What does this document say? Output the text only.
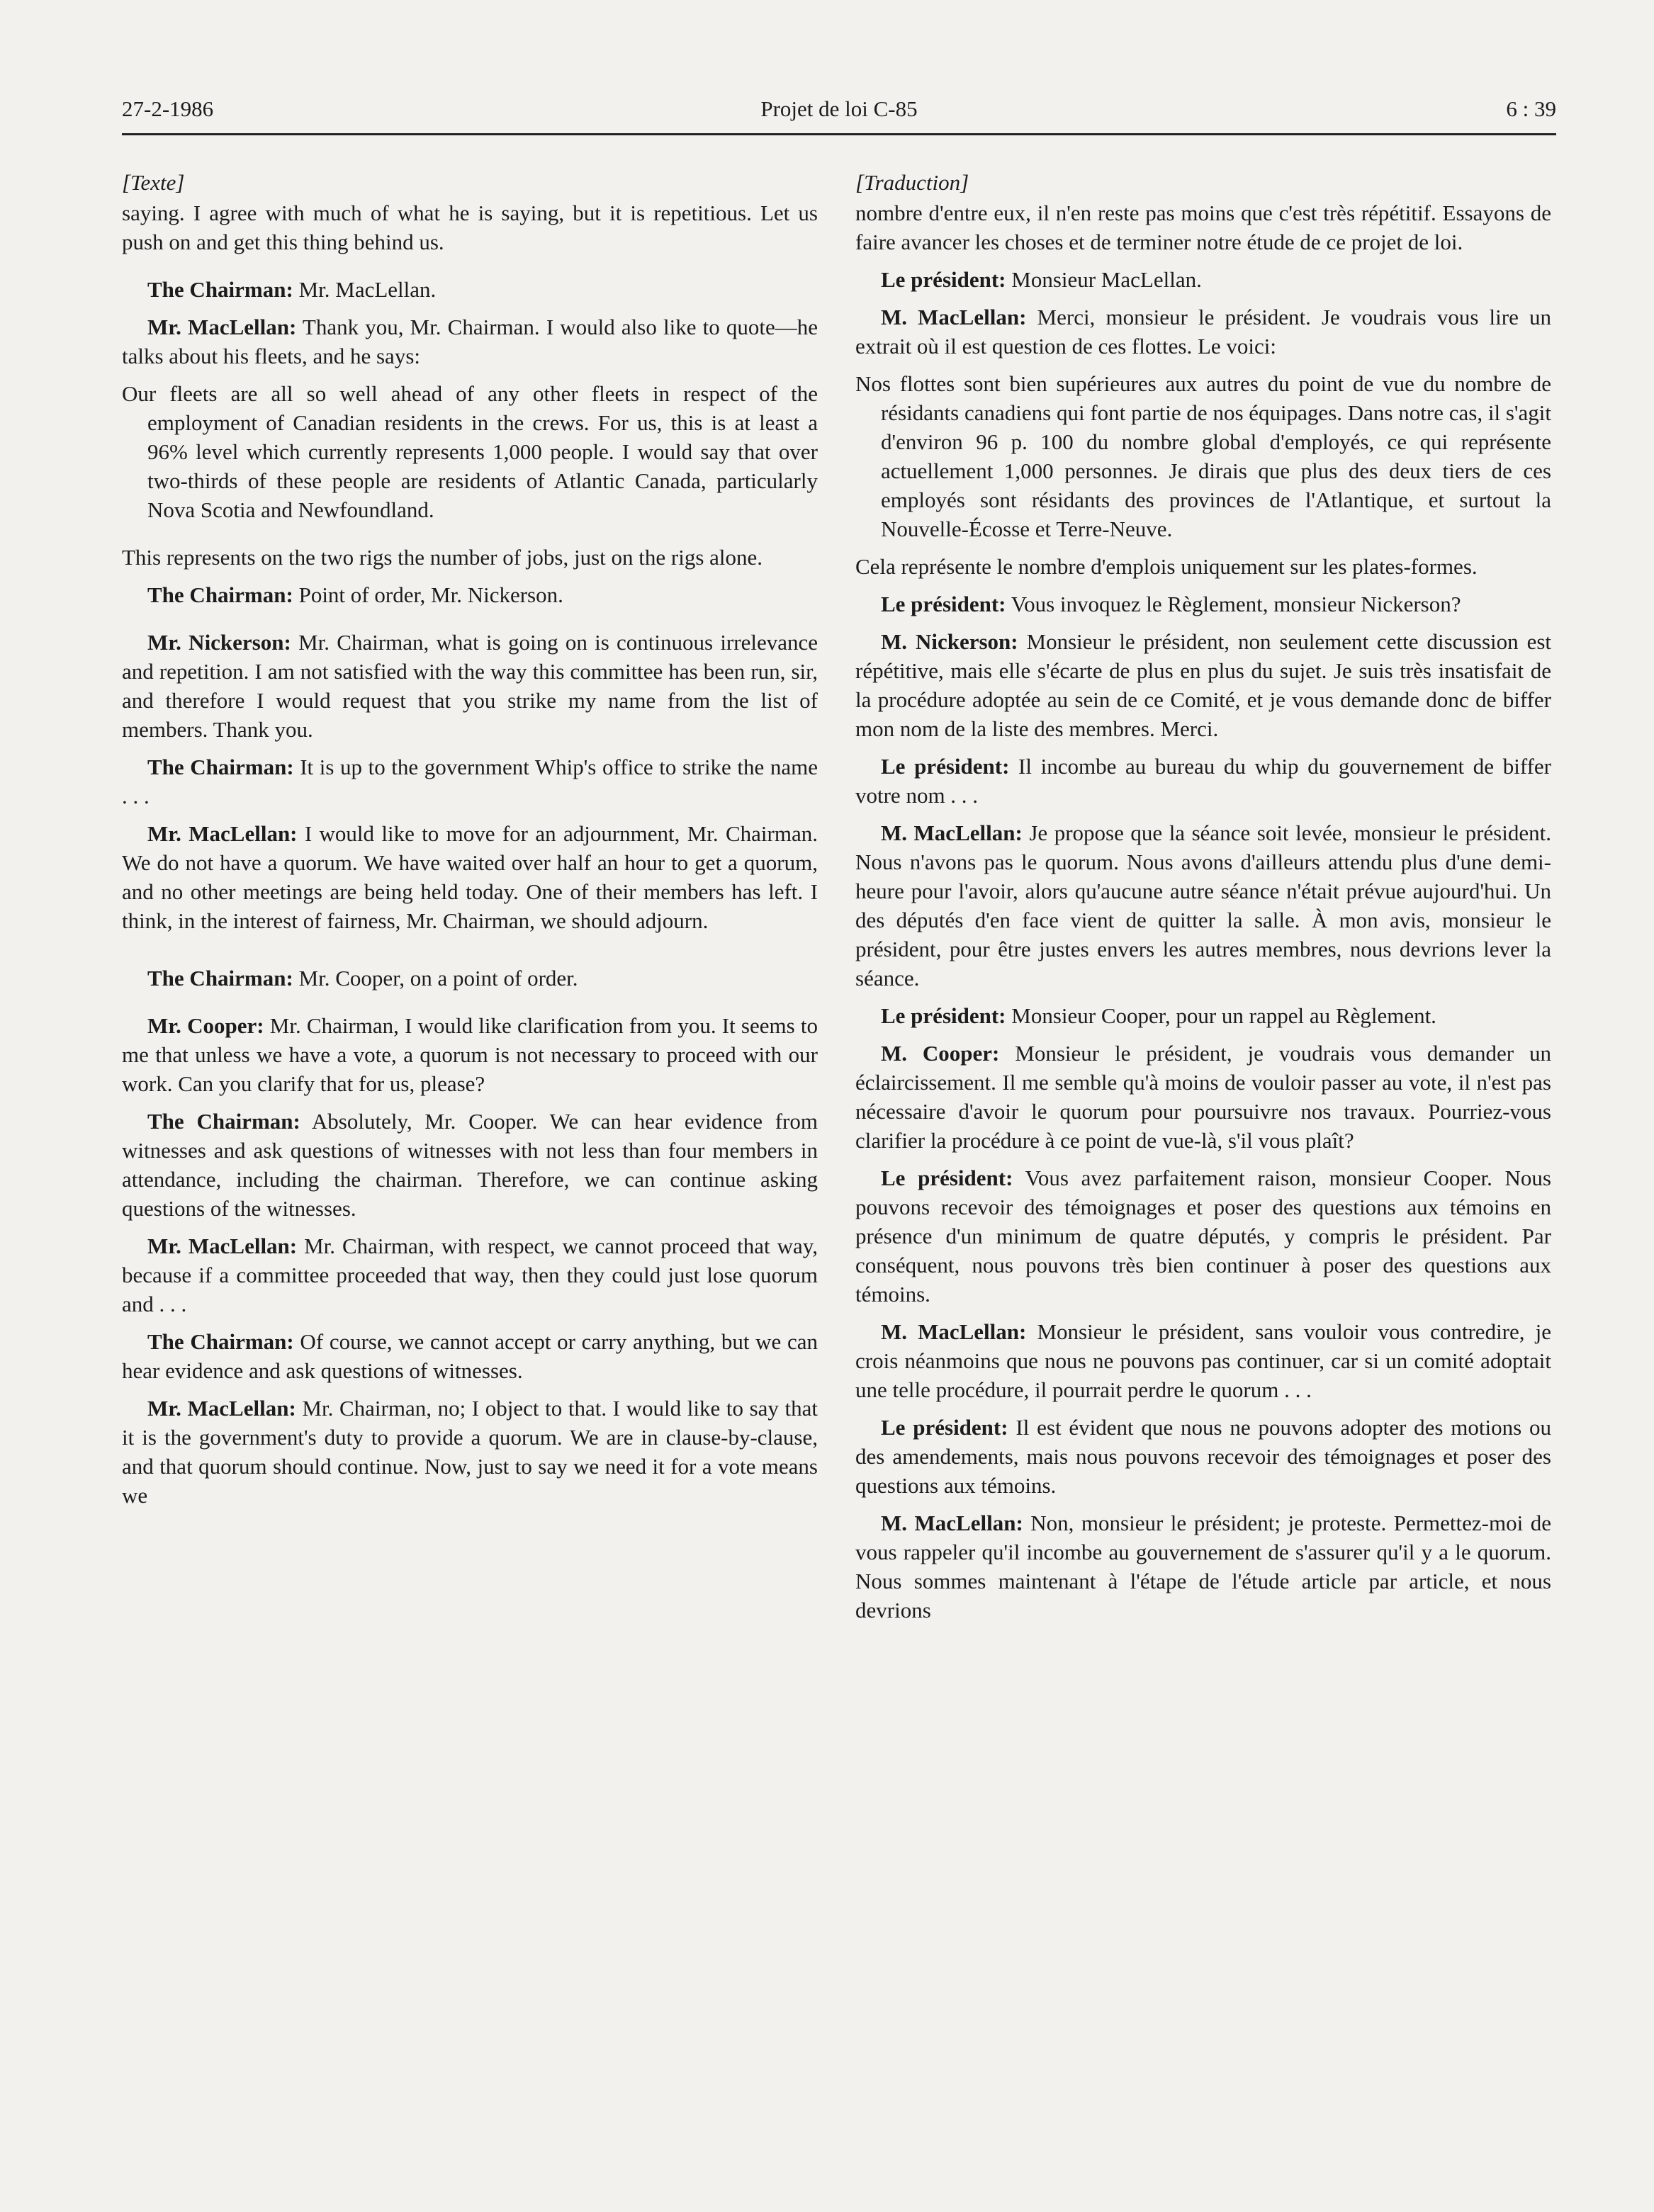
27-2-1986	Projet de loi C-85	6 : 39
[Texte]

saying. I agree with much of what he is saying, but it is repetitious. Let us push on and get this thing behind us.

The Chairman: Mr. MacLellan.

Mr. MacLellan: Thank you, Mr. Chairman. I would also like to quote—he talks about his fleets, and he says:

Our fleets are all so well ahead of any other fleets in respect of the employment of Canadian residents in the crews. For us, this is at least a 96% level which currently represents 1,000 people. I would say that over two-thirds of these people are residents of Atlantic Canada, particularly Nova Scotia and Newfoundland.

This represents on the two rigs the number of jobs, just on the rigs alone.

The Chairman: Point of order, Mr. Nickerson.

Mr. Nickerson: Mr. Chairman, what is going on is continuous irrelevance and repetition. I am not satisfied with the way this committee has been run, sir, and therefore I would request that you strike my name from the list of members. Thank you.

The Chairman: It is up to the government Whip's office to strike the name . . .

Mr. MacLellan: I would like to move for an adjournment, Mr. Chairman. We do not have a quorum. We have waited over half an hour to get a quorum, and no other meetings are being held today. One of their members has left. I think, in the interest of fairness, Mr. Chairman, we should adjourn.

The Chairman: Mr. Cooper, on a point of order.

Mr. Cooper: Mr. Chairman, I would like clarification from you. It seems to me that unless we have a vote, a quorum is not necessary to proceed with our work. Can you clarify that for us, please?

The Chairman: Absolutely, Mr. Cooper. We can hear evidence from witnesses and ask questions of witnesses with not less than four members in attendance, including the chairman. Therefore, we can continue asking questions of the witnesses.

Mr. MacLellan: Mr. Chairman, with respect, we cannot proceed that way, because if a committee proceeded that way, then they could just lose quorum and . . .

The Chairman: Of course, we cannot accept or carry anything, but we can hear evidence and ask questions of witnesses.

Mr. MacLellan: Mr. Chairman, no; I object to that. I would like to say that it is the government's duty to provide a quorum. We are in clause-by-clause, and that quorum should continue. Now, just to say we need it for a vote means we

[Traduction]

nombre d'entre eux, il n'en reste pas moins que c'est très répétitif. Essayons de faire avancer les choses et de terminer notre étude de ce projet de loi.

Le président: Monsieur MacLellan.

M. MacLellan: Merci, monsieur le président. Je voudrais vous lire un extrait où il est question de ces flottes. Le voici:

Nos flottes sont bien supérieures aux autres du point de vue du nombre de résidants canadiens qui font partie de nos équipages. Dans notre cas, il s'agit d'environ 96 p. 100 du nombre global d'employés, ce qui représente actuellement 1,000 personnes. Je dirais que plus des deux tiers de ces employés sont résidants des provinces de l'Atlantique, et surtout la Nouvelle-Écosse et Terre-Neuve.

Cela représente le nombre d'emplois uniquement sur les plates-formes.

Le président: Vous invoquez le Règlement, monsieur Nickerson?

M. Nickerson: Monsieur le président, non seulement cette discussion est répétitive, mais elle s'écarte de plus en plus du sujet. Je suis très insatisfait de la procédure adoptée au sein de ce Comité, et je vous demande donc de biffer mon nom de la liste des membres. Merci.

Le président: Il incombe au bureau du whip du gouvernement de biffer votre nom . . .

M. MacLellan: Je propose que la séance soit levée, monsieur le président. Nous n'avons pas le quorum. Nous avons d'ailleurs attendu plus d'une demi-heure pour l'avoir, alors qu'aucune autre séance n'était prévue aujourd'hui. Un des députés d'en face vient de quitter la salle. À mon avis, monsieur le président, pour être justes envers les autres membres, nous devrions lever la séance.

Le président: Monsieur Cooper, pour un rappel au Règlement.

M. Cooper: Monsieur le président, je voudrais vous demander un éclaircissement. Il me semble qu'à moins de vouloir passer au vote, il n'est pas nécessaire d'avoir le quorum pour poursuivre nos travaux. Pourriez-vous clarifier la procédure à ce point de vue-là, s'il vous plaît?

Le président: Vous avez parfaitement raison, monsieur Cooper. Nous pouvons recevoir des témoignages et poser des questions aux témoins en présence d'un minimum de quatre députés, y compris le président. Par conséquent, nous pouvons très bien continuer à poser des questions aux témoins.

M. MacLellan: Monsieur le président, sans vouloir vous contredire, je crois néanmoins que nous ne pouvons pas continuer, car si un comité adoptait une telle procédure, il pourrait perdre le quorum . . .

Le président: Il est évident que nous ne pouvons adopter des motions ou des amendements, mais nous pouvons recevoir des témoignages et poser des questions aux témoins.

M. MacLellan: Non, monsieur le président; je proteste. Permettez-moi de vous rappeler qu'il incombe au gouvernement de s'assurer qu'il y a le quorum. Nous sommes maintenant à l'étape de l'étude article par article, et nous devrions
